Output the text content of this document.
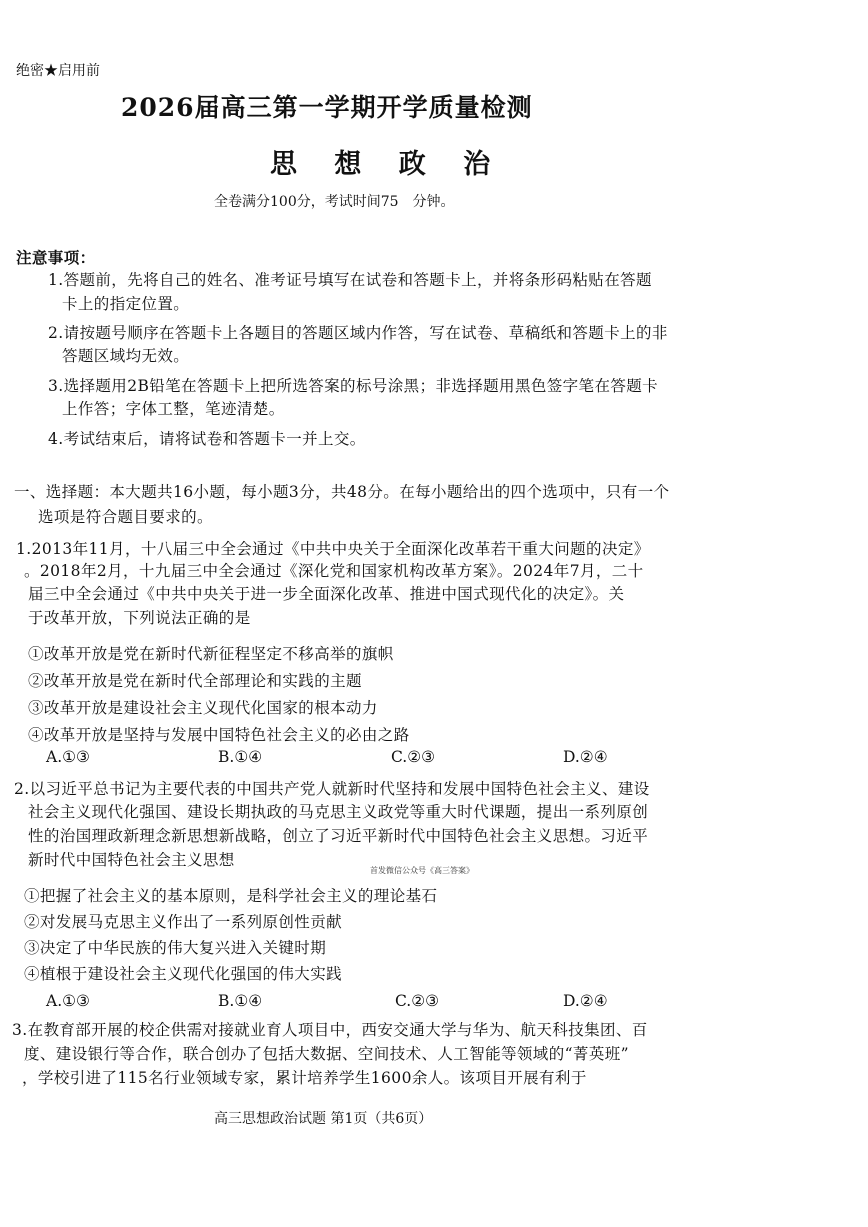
绝密★启用前
2026届高三第一学期开学质量检测
思 想 政 治
全卷满分100分，考试时间75　分钟。
注意事项：
1.答题前，先将自己的姓名、准考证号填写在试卷和答题卡上，并将条形码粘贴在答题
卡上的指定位置。
2.请按题号顺序在答题卡上各题目的答题区域内作答，写在试卷、草稿纸和答题卡上的非
答题区域均无效。
3.选择题用2B铅笔在答题卡上把所选答案的标号涂黑；非选择题用黑色签字笔在答题卡
上作答；字体工整，笔迹清楚。
4.考试结束后，请将试卷和答题卡一并上交。
一、选择题：本大题共16小题，每小题3分，共48分。在每小题给出的四个选项中，只有一个
选项是符合题目要求的。
1.2013年11月，十八届三中全会通过《中共中央关于全面深化改革若干重大问题的决定》
。2018年2月，十九届三中全会通过《深化党和国家机构改革方案》。2024年7月，二十
届三中全会通过《中共中央关于进一步全面深化改革、推进中国式现代化的决定》。关
于改革开放，下列说法正确的是
①改革开放是党在新时代新征程坚定不移高举的旗帜
②改革开放是党在新时代全部理论和实践的主题
③改革开放是建设社会主义现代化国家的根本动力
④改革开放是坚持与发展中国特色社会主义的必由之路
A.①③	B.①④	C.②③	D.②④
2.以习近平总书记为主要代表的中国共产党人就新时代坚持和发展中国特色社会主义、建设
社会主义现代化强国、建设长期执政的马克思主义政党等重大时代课题，提出一系列原创
性的治国理政新理念新思想新战略，创立了习近平新时代中国特色社会主义思想。习近平
新时代中国特色社会主义思想
首发微信公众号《高三答案》
①把握了社会主义的基本原则，是科学社会主义的理论基石
②对发展马克思主义作出了一系列原创性贡献
③决定了中华民族的伟大复兴进入关键时期
④植根于建设社会主义现代化强国的伟大实践
A.①③	B.①④	C.②③	D.②④
3.在教育部开展的校企供需对接就业育人项目中，西安交通大学与华为、航天科技集团、百
度、建设银行等合作，联合创办了包括大数据、空间技术、人工智能等领域的“菁英班”
，学校引进了115名行业领域专家，累计培养学生1600余人。该项目开展有利于
高三思想政治试题 第1页（共6页）
